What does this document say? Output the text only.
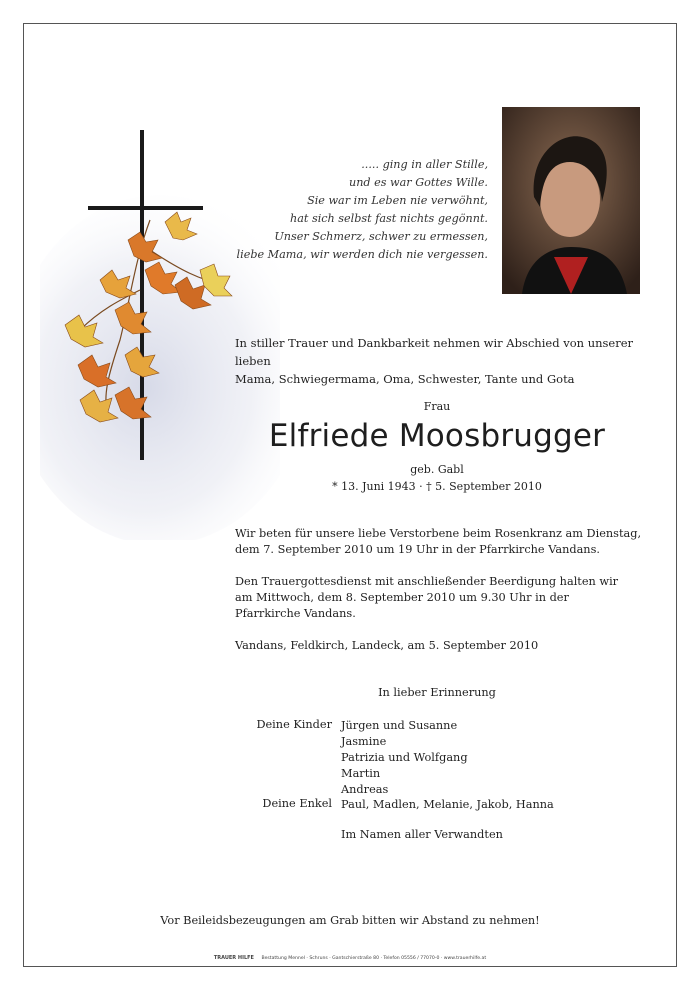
..... ging in aller Stille,
und es war Gottes Wille.
Sie war im Leben nie verwöhnt,
hat sich selbst fast nichts gegönnt.
Unser Schmerz, schwer zu ermessen,
liebe Mama, wir werden dich nie vergessen.
In stiller Trauer und Dankbarkeit nehmen wir Abschied von unserer lieben
Mama, Schwiegermama, Oma, Schwester, Tante und Gota
Frau
Elfriede Moosbrugger
geb. Gabl
* 13. Juni 1943 · † 5. September 2010

Wir beten für unsere liebe Verstorbene beim Rosenkranz am Dienstag,

dem 7. September 2010 um 19 Uhr in der Pfarrkirche Vandans.

Den Trauergottesdienst mit anschließender Beerdigung halten wir

am Mittwoch, dem 8. September 2010 um 9.30 Uhr in der

Pfarrkirche Vandans.

Vandans, Feldkirch, Landeck, am 5. September 2010
In lieber Erinnerung
Deine Kinder Jürgen und Susanne
Jasmine
Patrizia und Wolfgang
Martin
Andreas
Deine Enkel Paul, Madlen, Melanie, Jakob, Hanna
Im Namen aller Verwandten
Vor Beileidsbezeugungen am Grab bitten wir Abstand zu nehmen!
TRAUER HILFE Bestattung Mennel · Schruns · Gantschierstraße 80 · Telefon 05556 / 77070-0 · www.trauerhilfe.at
